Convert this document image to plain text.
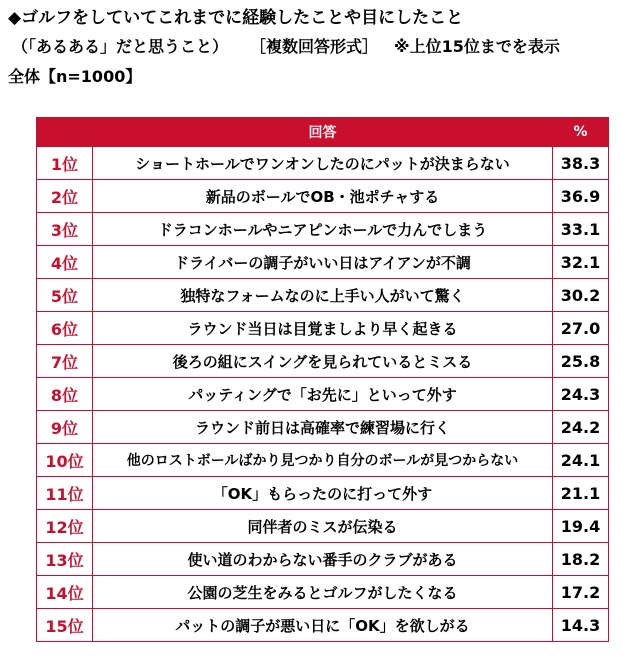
◆ゴルフをしていてこれまでに経験したことや目にしたこと
（「あるある」だと思うこと） ［複数回答形式］ ※上位15位までを表示
全体【n=1000】
	回答	%
1位	ショートホールでワンオンしたのにパットが決まらない	38.3
2位	新品のボールでOB・池ポチャする	36.9
3位	ドラコンホールやニアピンホールで力んでしまう	33.1
4位	ドライバーの調子がいい日はアイアンが不調	32.1
5位	独特なフォームなのに上手い人がいて驚く	30.2
6位	ラウンド当日は目覚ましより早く起きる	27.0
7位	後ろの組にスイングを見られているとミスる	25.8
8位	パッティングで「お先に」といって外す	24.3
9位	ラウンド前日は高確率で練習場に行く	24.2
10位	他のロストボールばかり見つかり自分のボールが見つからない	24.1
11位	「OK」もらったのに打って外す	21.1
12位	同伴者のミスが伝染る	19.4
13位	使い道のわからない番手のクラブがある	18.2
14位	公園の芝生をみるとゴルフがしたくなる	17.2
15位	パットの調子が悪い日に「OK」を欲しがる	14.3
